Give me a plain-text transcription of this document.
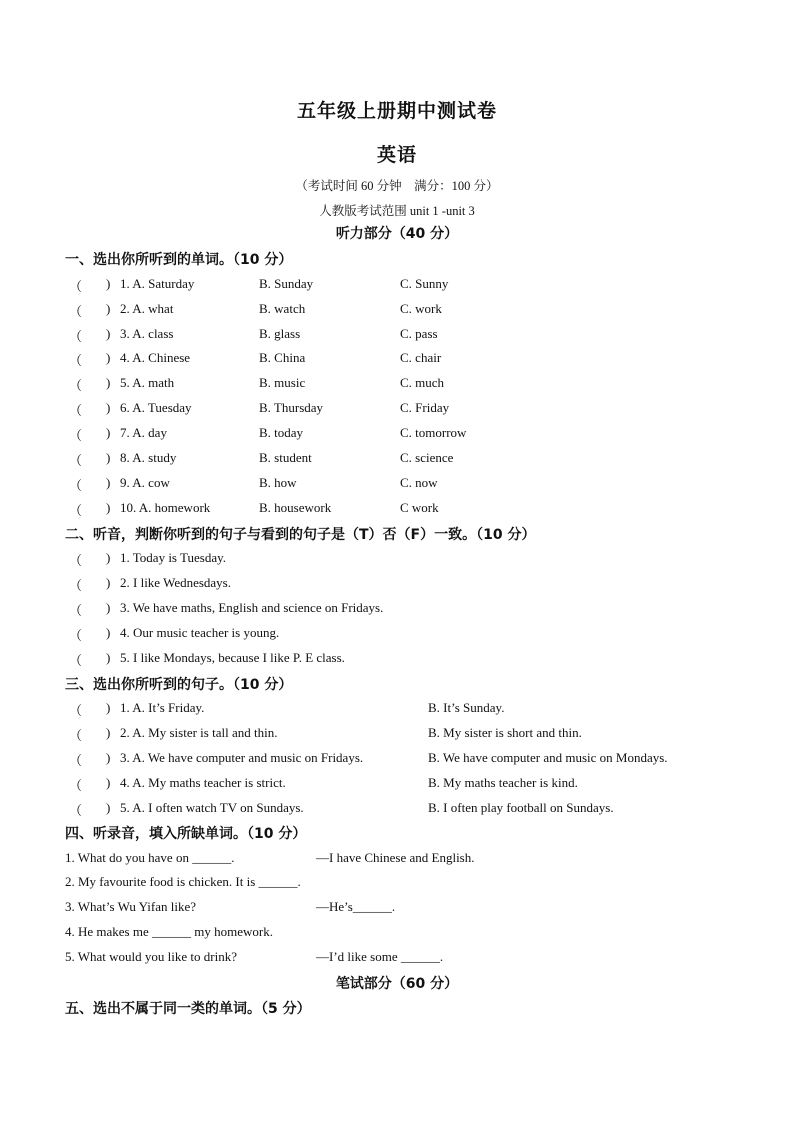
五年级上册期中测试卷
英语
（考试时间 60 分钟　满分：100 分）
人教版考试范围 unit 1 -unit 3
听力部分（40 分）
一、选出你所听到的单词。（10 分）
（ ) 1. A. Saturday	B. Sunday	C. Sunny
（ ) 2. A. what	B. watch	C. work
（ ) 3. A. class	B. glass	C. pass
（ ) 4. A. Chinese	B. China	C. chair
（ ) 5. A. math	B. music	C. much
（ ) 6. A. Tuesday	B. Thursday	C. Friday
（ ) 7. A. day	B. today	C. tomorrow
（ ) 8. A. study	B. student	C. science
（ ) 9. A. cow	B. how	C. now
（ ) 10. A. homework	B. housework	C work
二、听音，判断你听到的句子与看到的句子是（T）否（F）一致。（10 分）
（ ) 1. Today is Tuesday.
（ ) 2. I like Wednesdays.
（ ) 3. We have maths, English and science on Fridays.
（ ) 4. Our music teacher is young.
（ ) 5. I like Mondays, because I like P. E class.
三、选出你所听到的句子。（10 分）
（ ) 1. A. It’s Friday.	B. It’s Sunday.
（ ) 2. A. My sister is tall and thin.	B. My sister is short and thin.
（ ) 3. A. We have computer and music on Fridays.	B. We have computer and music on Mondays.
（ ) 4. A. My maths teacher is strict.	B. My maths teacher is kind.
（ ) 5. A. I often watch TV on Sundays.	B. I often play football on Sundays.
四、听录音，填入所缺单词。（10 分）
1. What do you have on ______.	—I have Chinese and English.
2. My favourite food is chicken. It is ______.
3. What’s Wu Yifan like?	—He’s______.
4. He makes me ______ my homework.
5. What would you like to drink?	—I’d like some ______.
笔试部分（60 分）
五、选出不属于同一类的单词。（5 分）
